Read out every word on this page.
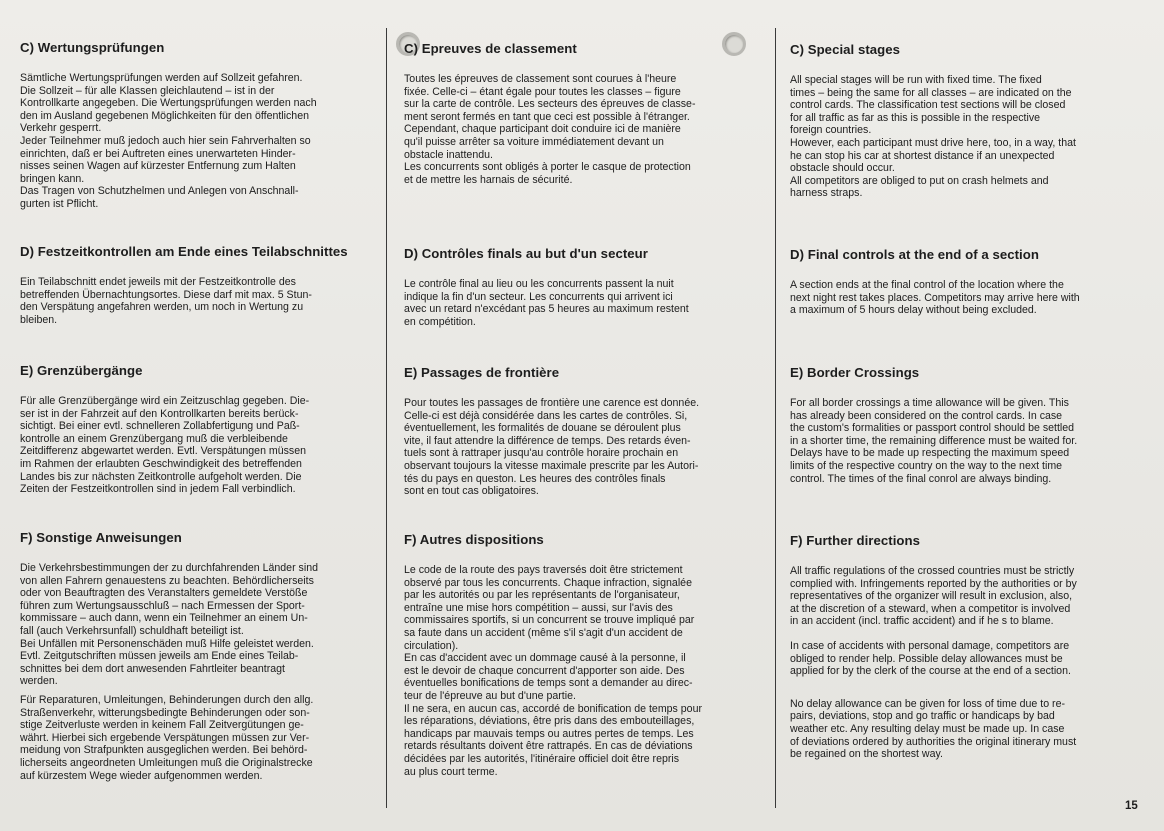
C) Wertungsprüfungen

Sämtliche Wertungsprüfungen werden auf Sollzeit gefahren.
Die Sollzeit – für alle Klassen gleichlautend – ist in der
Kontrollkarte angegeben. Die Wertungsprüfungen werden nach
den im Ausland gegebenen Möglichkeiten für den öffentlichen
Verkehr gesperrt.
Jeder Teilnehmer muß jedoch auch hier sein Fahrverhalten so
einrichten, daß er bei Auftreten eines unerwarteten Hinder-
nisses seinen Wagen auf kürzester Entfernung zum Halten
bringen kann.
Das Tragen von Schutzhelmen und Anlegen von Anschnall-
gurten ist Pflicht.

D) Festzeitkontrollen am Ende eines Teilabschnittes

Ein Teilabschnitt endet jeweils mit der Festzeitkontrolle des
betreffenden Übernachtungsortes. Diese darf mit max. 5 Stun-
den Verspätung angefahren werden, um noch in Wertung zu
bleiben.

E) Grenzübergänge

Für alle Grenzübergänge wird ein Zeitzuschlag gegeben. Die-
ser ist in der Fahrzeit auf den Kontrollkarten bereits berück-
sichtigt. Bei einer evtl. schnelleren Zollabfertigung und Paß-
kontrolle an einem Grenzübergang muß die verbleibende
Zeitdifferenz abgewartet werden. Evtl. Verspätungen müssen
im Rahmen der erlaubten Geschwindigkeit des betreffenden
Landes bis zur nächsten Zeitkontrolle aufgeholt werden. Die
Zeiten der Festzeitkontrollen sind in jedem Fall verbindlich.

F) Sonstige Anweisungen

Die Verkehrsbestimmungen der zu durchfahrenden Länder sind
von allen Fahrern genauestens zu beachten. Behördlicherseits
oder von Beauftragten des Veranstalters gemeldete Verstöße
führen zum Wertungsausschluß – nach Ermessen der Sport-
kommissare – auch dann, wenn ein Teilnehmer an einem Un-
fall (auch Verkehrsunfall) schuldhaft beteiligt ist.
Bei Unfällen mit Personenschäden muß Hilfe geleistet werden.
Evtl. Zeitgutschriften müssen jeweils am Ende eines Teilab-
schnittes bei dem dort anwesenden Fahrtleiter beantragt
werden.

Für Reparaturen, Umleitungen, Behinderungen durch den allg.
Straßenverkehr, witterungsbedingte Behinderungen oder son-
stige Zeitverluste werden in keinem Fall Zeitvergütungen ge-
währt. Hierbei sich ergebende Verspätungen müssen zur Ver-
meidung von Strafpunkten ausgeglichen werden. Bei behörd-
licherseits angeordneten Umleitungen muß die Originalstrecke
auf kürzestem Wege wieder aufgenommen werden.

C) Epreuves de classement

Toutes les épreuves de classement sont courues à l'heure
fixée. Celle-ci – étant égale pour toutes les classes – figure
sur la carte de contrôle. Les secteurs des épreuves de classe-
ment seront fermés en tant que ceci est possible à l'étranger.
Cependant, chaque participant doit conduire ici de manière
qu'il puisse arrêter sa voiture immédiatement devant un
obstacle inattendu.
Les concurrents sont obligés à porter le casque de protection
et de mettre les harnais de sécurité.

D) Contrôles finals au but d'un secteur

Le contrôle final au lieu ou les concurrents passent la nuit
indique la fin d'un secteur. Les concurrents qui arrivent ici
avec un retard n'excédant pas 5 heures au maximum restent
en compétition.

E) Passages de frontière

Pour toutes les passages de frontière une carence est donnée.
Celle-ci est déjà considérée dans les cartes de contrôles. Si,
éventuellement, les formalités de douane se déroulent plus
vite, il faut attendre la différence de temps. Des retards éven-
tuels sont à rattraper jusqu'au contrôle horaire prochain en
observant toujours la vitesse maximale prescrite par les Autori-
tés du pays en queston. Les heures des contrôles finals
sont en tout cas obligatoires.

F) Autres dispositions

Le code de la route des pays traversés doit être strictement
observé par tous les concurrents. Chaque infraction, signalée
par les autorités ou par les représentants de l'organisateur,
entraîne une mise hors compétition – aussi, sur l'avis des
commissaires sportifs, si un concurrent se trouve impliqué par
sa faute dans un accident (même s'il s'agit d'un accident de
circulation).
En cas d'accident avec un dommage causé à la personne, il
est le devoir de chaque concurrent d'apporter son aide. Des
éventuelles bonifications de temps sont a demander au direc-
teur de l'épreuve au but d'une partie.
Il ne sera, en aucun cas, accordé de bonification de temps pour
les réparations, déviations, être pris dans des embouteillages,
handicaps par mauvais temps ou autres pertes de temps. Les
retards résultants doivent être rattrapés. En cas de déviations
décidées par les autorités, l'itinéraire officiel doit être repris
au plus court terme.

C) Special stages

All special stages will be run with fixed time. The fixed
times – being the same for all classes – are indicated on the
control cards. The classification test sections will be closed
for all traffic as far as this is possible in the respective
foreign countries.
However, each participant must drive here, too, in a way, that
he can stop his car at shortest distance if an unexpected
obstacle should occur.
All competitors are obliged to put on crash helmets and
harness straps.

D) Final controls at the end of a section

A section ends at the final control of the location where the
next night rest takes places. Competitors may arrive here with
a maximum of 5 hours delay without being excluded.

E) Border Crossings

For all border crossings a time allowance will be given. This
has already been considered on the control cards. In case
the custom's formalities or passport control should be settled
in a shorter time, the remaining difference must be waited for.
Delays have to be made up respecting the maximum speed
limits of the respective country on the way to the next time
control. The times of the final conrol are always binding.

F) Further directions

All traffic regulations of the crossed countries must be strictly
complied with. Infringements reported by the authorities or by
representatives of the organizer will result in exclusion, also,
at the discretion of a steward, when a competitor is involved
in an accident (incl. traffic accident) and if he s to blame.

In case of accidents with personal damage, competitors are
obliged to render help. Possible delay allowances must be
applied for by the clerk of the course at the end of a section.

No delay allowance can be given for loss of time due to re-
pairs, deviations, stop and go traffic or handicaps by bad
weather etc. Any resulting delay must be made up. In case
of deviations ordered by authorities the original itinerary must
be regained on the shortest way.

15
